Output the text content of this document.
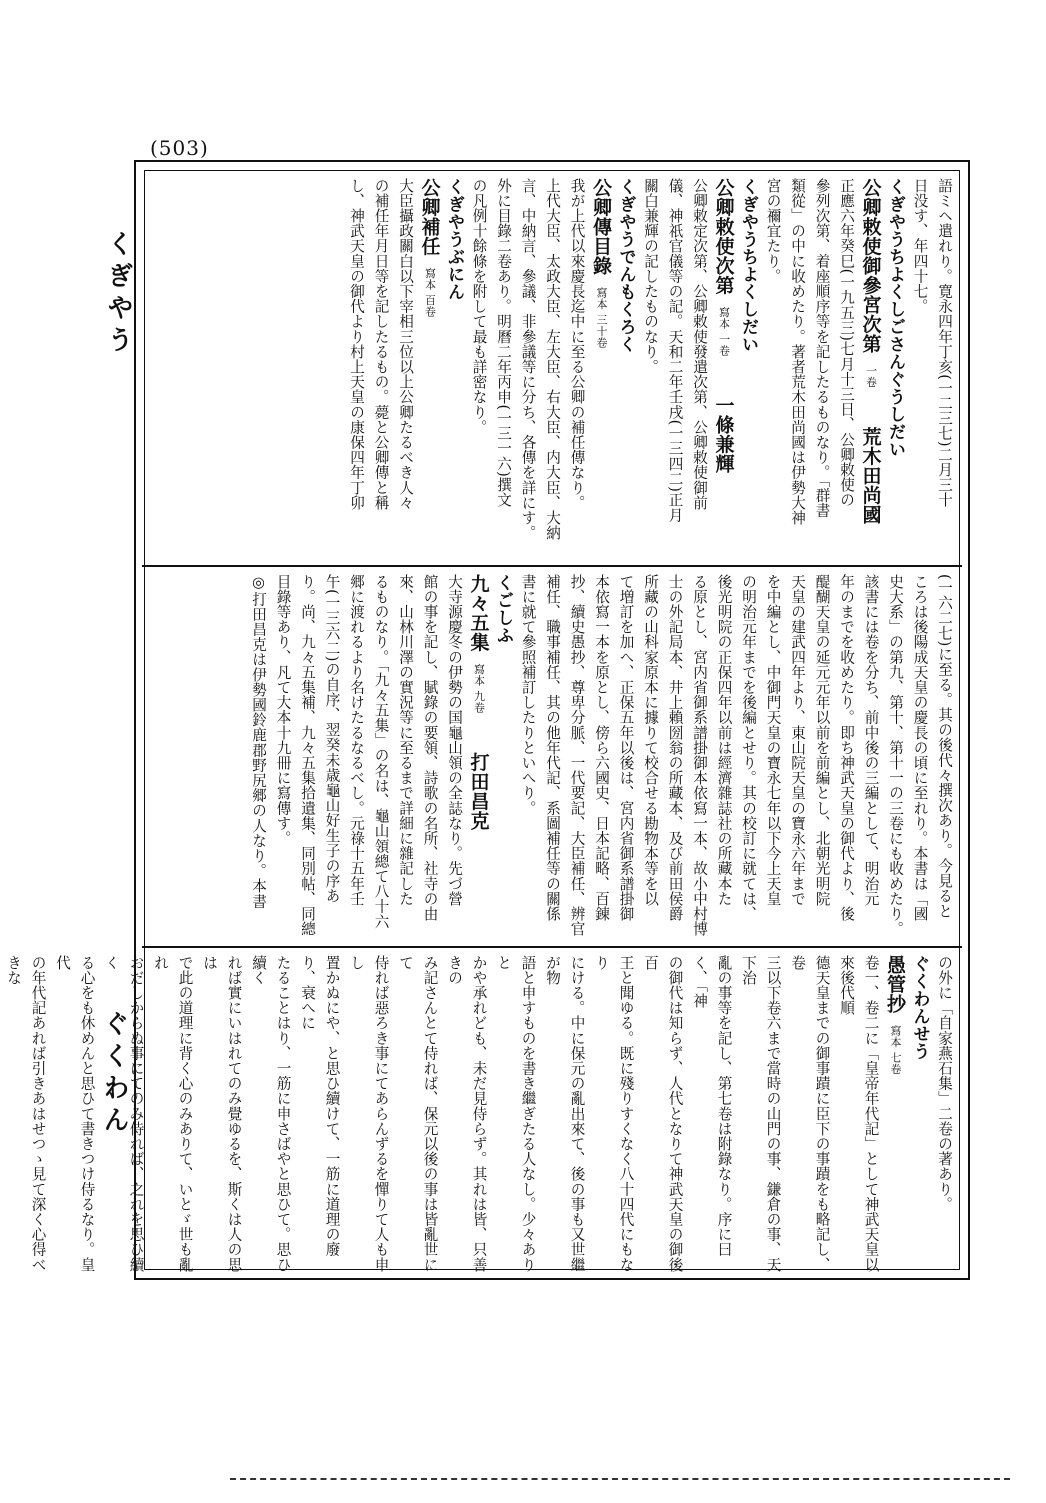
(503)
くぎやう
ぐくわん

語ミヘ遣れり。寛永四年丁亥(一二三七)二月三十

日没す、年四十七。

くぎやうちよくしごさんぐうしだい

公卿敕使御參宮次第　一卷　　荒木田尚國

正應六年癸巳(一九五三)七月十三日、公卿敕使の

參列次第、着座順序等を記したるものなり。「群書

類從」の中に收めたり。著者荒木田尚國は伊勢大神

宮の禰宜たり。

くぎやうちよくしだい

公卿敕使次第　寫本 一卷　　一條兼輝

公卿敕定次第、公卿敕使發遣次第、公卿敕使御前

儀、神祇官儀等の記。天和二年壬戌(一三四二)正月

關白兼輝の記したものなり。

くぎやうでんもくろく

公卿傳目錄　寫本 三十卷

我が上代以來慶長迄中に至る公卿の補任傳なり。

上代大臣、太政大臣、左大臣、右大臣、内大臣、大納

言、中納言、參議、非參議等に分ち、各傳を詳にす。

外に目錄二卷あり。明曆二年丙申(一三一六)撰文

の凡例十餘條を附して最も詳密なり。

くぎやうぶにん

公卿補任　寫本 百卷

大臣攝政關白以下宰相三位以上公卿たるべき人々

の補任年月日等を記したるもの。薨と公卿傳と稱

し、神武天皇の御代より村上天皇の康保四年丁卯

(一六二七)に至る。其の後代々撰次あり。今見ると

ころは後陽成天皇の慶長の頃に至れり。本書は「國

史大系」の第九、第十、第十一の三卷にも收めたり。

該書には卷を分ち、前中後の三編として、明治元

年のまでを收めたり。即ち神武天皇の御代より、後

醍醐天皇の延元元年以前を前編とし、北朝光明院

天皇の建武四年より、東山院天皇の寶永六年まで

を中編とし、中御門天皇の寶永七年以下今上天皇

の明治元年までを後編とせり。其の校訂に就ては、

後光明院の正保四年以前は經濟雜誌社の所藏本た

る原とし、宮内省御系譜掛御本依寫一本、故小中村博

士の外記局本、井上賴圀翁の所藏本、及び前田侯爵

所藏の山科家原本に據りて校合せる勘物本等を以

て増訂を加へ、正保五年以後は、宮内省御系譜掛御

本依寫一本を原とし、傍ら六國史、日本記略、百錬

抄、續史愚抄、尊卑分脈、一代要記、大臣補任、辨官

補任、職事補任、其の他年代記、系圖補任等の關係

書に就て參照補訂したりといへり。

くごしふ

九々五集　寫本 九卷　　打田昌克

大寺源慶冬の伊勢の国龜山領の全誌なり。先づ營

館の事を記し、賦錄の要領、詩歌の名所、社寺の由

來、山林川澤の實況等に至るまで詳細に雜記した

るものなり。「九々五集」の名は、龜山領總て八十六

郷に渡れるより名けたるなるべし。元祿十五年壬

午(一三六二)の自序、翌癸未歳龜山好生子の序あ

り。尚、九々五集補、九々五集拾遺集、同別帖、同總

目錄等あり、凡て大本十九冊に寫傳す。

◎打田昌克は伊勢國鈴鹿郡野尻郷の人なり。本書

の外に「自家燕石集」二卷の著あり。

ぐくわんせう

愚管抄　寫本 七卷

卷一、卷二に「皇帝年代記」として神武天皇以來後代順

德天皇までの御事蹟に臣下の事蹟をも略記し、卷

三以下卷六まで當時の山門の事、鎌倉の事、天下治

亂の事等を記し、第七卷は附錄なり。序に曰く、「神

の御代は知らず、人代となりて神武天皇の御後百

王と聞ゆる。既に殘りすくなく八十四代にもなり

にける。中に保元の亂出來て、後の事も又世繼が物

語と申すものを書き繼ぎたる人なし。少々ありと

かや承れども、未だ見侍らず。其れは皆、只善きの

み記さんとて侍れば、保元以後の事は皆亂世にて

侍れば惡ろき事にてあらんずるを憚りて人も申し

置かぬにや、と思ひ續けて、一筋に道理の廢り、衰へに

たることはり、一筋に申さばやと思ひて。思ひ續く

れば實にいはれてのみ覺ゆるを、斯くは人の思は

で此の道理に背く心のみありて、いとゞ世も亂れ

おだしからぬ事にてのみ侍れば、之れを思ひ續く

る心をも休めんと思ひて書きつけ侍るなり。皇代

の年代記あれば引きあはせつゝ見て深く心得べきな
